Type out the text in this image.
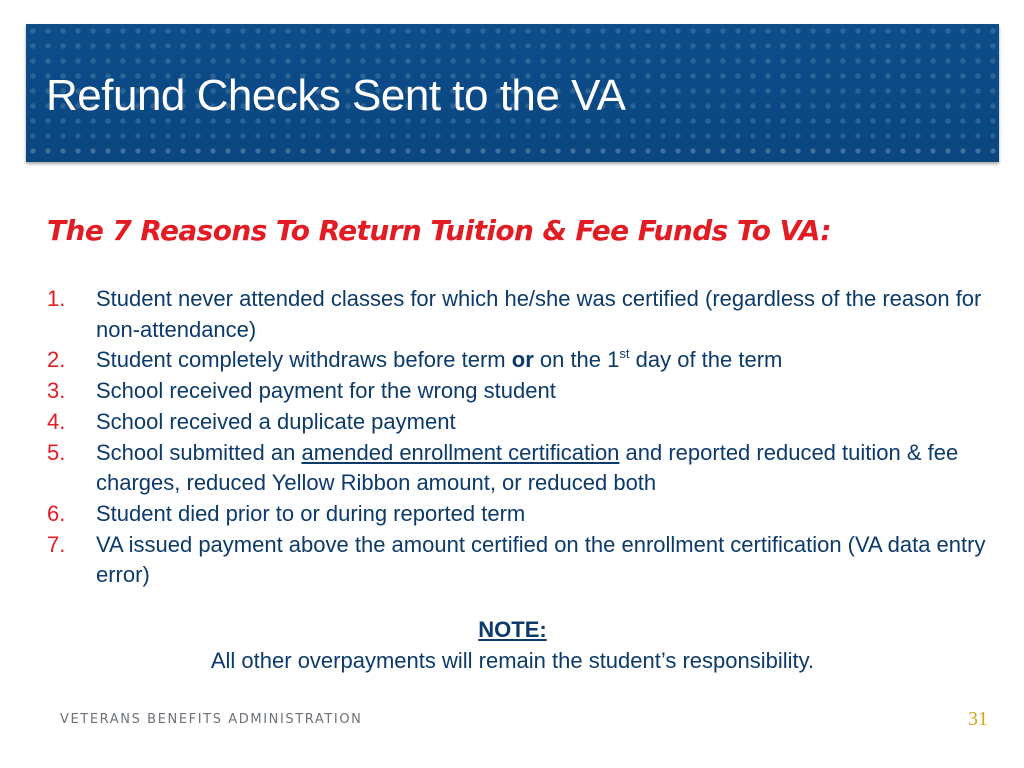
Refund Checks Sent to the VA
The 7 Reasons To Return Tuition & Fee Funds To VA:
1. Student never attended classes for which he/she was certified (regardless of the reason for non-attendance)
2. Student completely withdraws before term or on the 1st day of the term
3. School received payment for the wrong student
4. School received a duplicate payment
5. School submitted an amended enrollment certification and reported reduced tuition & fee charges, reduced Yellow Ribbon amount, or reduced both
6. Student died prior to or during reported term
7. VA issued payment above the amount certified on the enrollment certification (VA data entry error)
NOTE:
All other overpayments will remain the student’s responsibility.
VETERANS BENEFITS ADMINISTRATION	31
